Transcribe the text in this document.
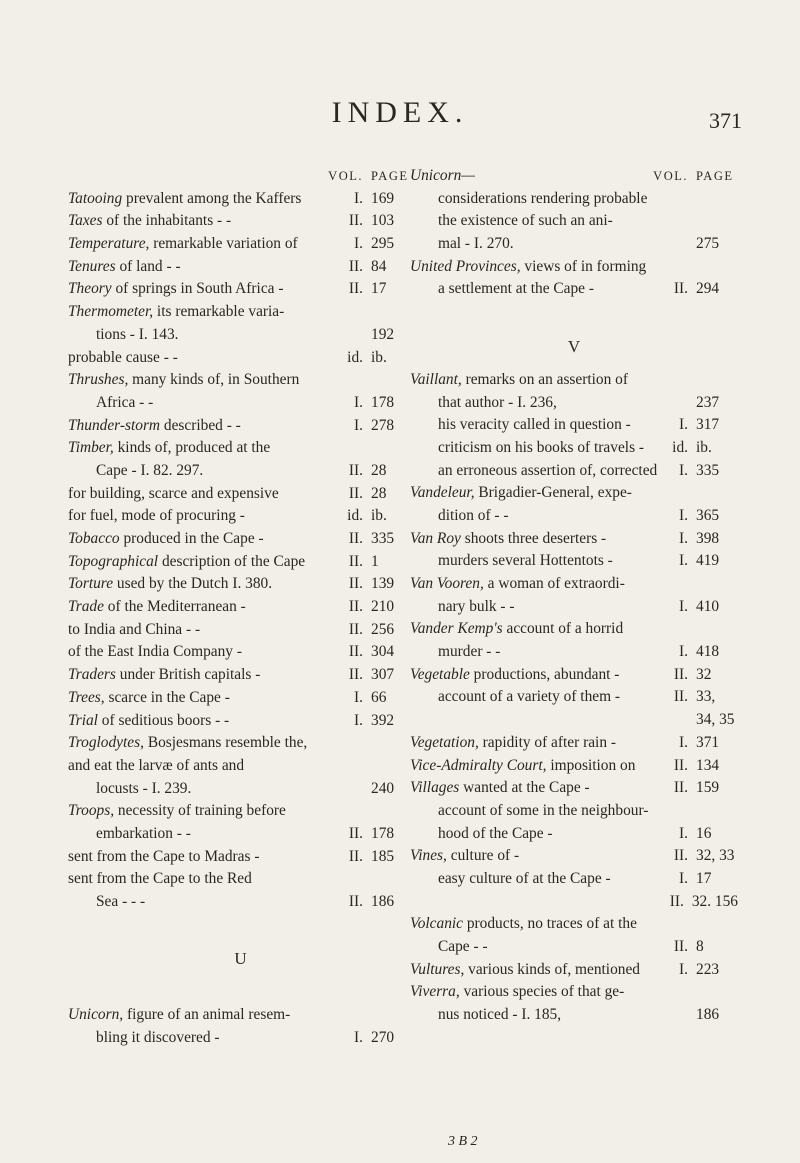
INDEX.	371
VOL. PAGE
Tatooing prevalent among the Kaffers	I. 169
Taxes of the inhabitants - -	II. 103
Temperature, remarkable variation of	I. 295
Tenures of land - -	II. 84
Theory of springs in South Africa -	II. 17
Thermometer, its remarkable varia-
tions - I. 143.	192
probable cause - -	id. ib.
Thrushes, many kinds of, in Southern
Africa - -	I. 178
Thunder-storm described - -	I. 278
Timber, kinds of, produced at the
Cape - I. 82. 297.	II. 28
for building, scarce and expensive	II. 28
for fuel, mode of procuring -	id. ib.
Tobacco produced in the Cape -	II. 335
Topographical description of the Cape	II. 1
Torture used by the Dutch I. 380.	II. 139
Trade of the Mediterranean -	II. 210
to India and China - -	II. 256
of the East India Company -	II. 304
Traders under British capitals -	II. 307
Trees, scarce in the Cape -	I. 66
Trial of seditious boors - -	I. 392
Troglodytes, Bosjesmans resemble the,
and eat the larvæ of ants and
locusts - I. 239.	240
Troops, necessity of training before
embarkation - -	II. 178
sent from the Cape to Madras -	II. 185
sent from the Cape to the Red
Sea - - -	II. 186
U
Unicorn, figure of an animal resem-
bling it discovered -	I. 270
Unicorn—	VOL. PAGE
considerations rendering probable
the existence of such an ani-
mal - I. 270.	275
United Provinces, views of in forming
a settlement at the Cape -	II. 294
V
Vaillant, remarks on an assertion of
that author - I. 236,	237
his veracity called in question -	I. 317
criticism on his books of travels -	id. ib.
an erroneous assertion of, corrected	I. 335
Vandeleur, Brigadier-General, expe-
dition of - -	I. 365
Van Roy shoots three deserters -	I. 398
murders several Hottentots -	I. 419
Van Vooren, a woman of extraordi-
nary bulk - -	I. 410
Vander Kemp's account of a horrid
murder - -	I. 418
Vegetable productions, abundant -	II. 32
account of a variety of them -	II. 33,
34, 35
Vegetation, rapidity of after rain -	I. 371
Vice-Admiralty Court, imposition on	II. 134
Villages wanted at the Cape -	II. 159
account of some in the neighbour-
hood of the Cape -	I. 16
Vines, culture of -	II. 32, 33
easy culture of at the Cape -	I. 17
II. 32. 156
Volcanic products, no traces of at the
Cape - -	II. 8
Vultures, various kinds of, mentioned	I. 223
Viverra, various species of that ge-
nus noticed - I. 185,	186
3 B 2
